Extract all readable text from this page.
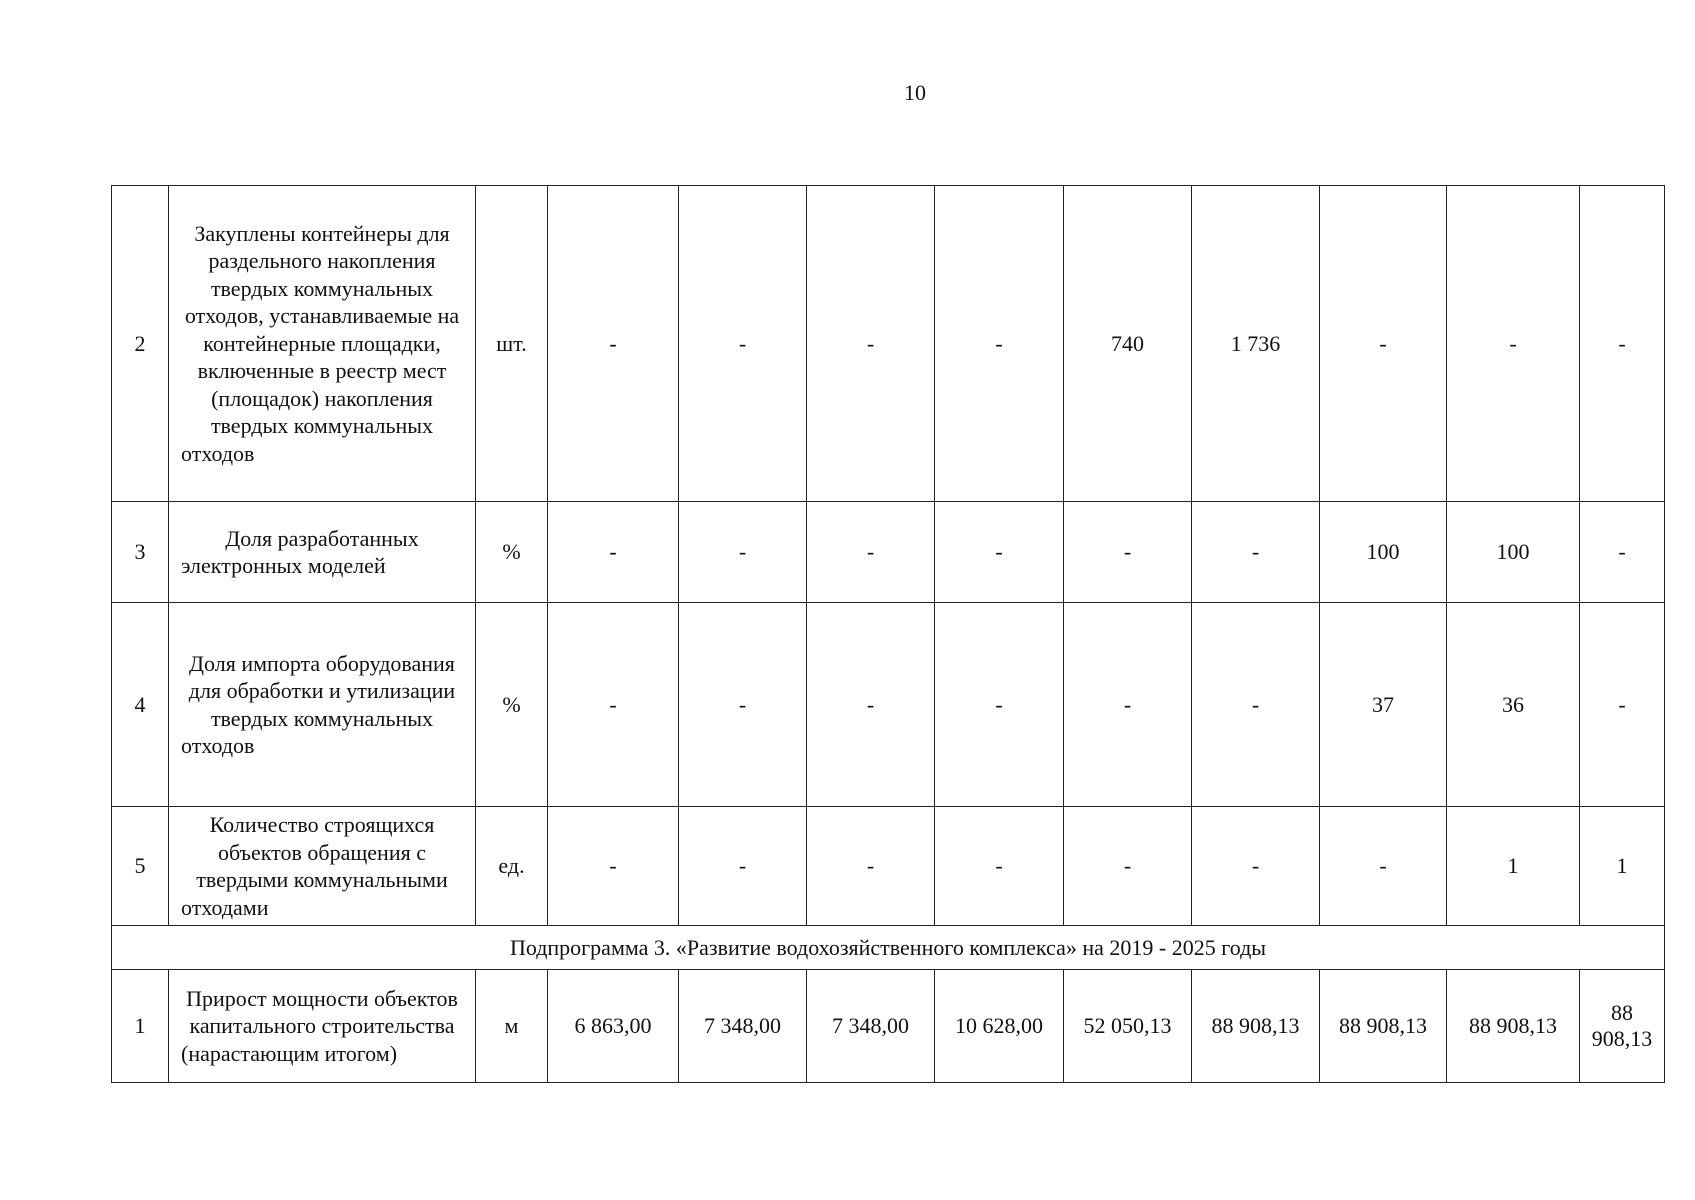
10
2	Закуплены контейнеры для раздельного накопления твердых коммунальных отходов, устанавливаемые на контейнерные площадки, включенные в реестр мест (площадок) накопления твердых коммунальных отходов	шт.	-	-	-	-	740	1 736	-	-	-
3	Доля разработанных электронных моделей	%	-	-	-	-	-	-	100	100	-
4	Доля импорта оборудования для обработки и утилизации твердых коммунальных отходов	%	-	-	-	-	-	-	37	36	-
5	Количество строящихся объектов обращения с твердыми коммунальными отходами	ед.	-	-	-	-	-	-	-	1	1
Подпрограмма 3. «Развитие водохозяйственного комплекса» на 2019 - 2025 годы											
1	Прирост мощности объектов капитального строительства (нарастающим итогом)	м	6 863,00	7 348,00	7 348,00	10 628,00	52 050,13	88 908,13	88 908,13	88 908,13	88 908,13
